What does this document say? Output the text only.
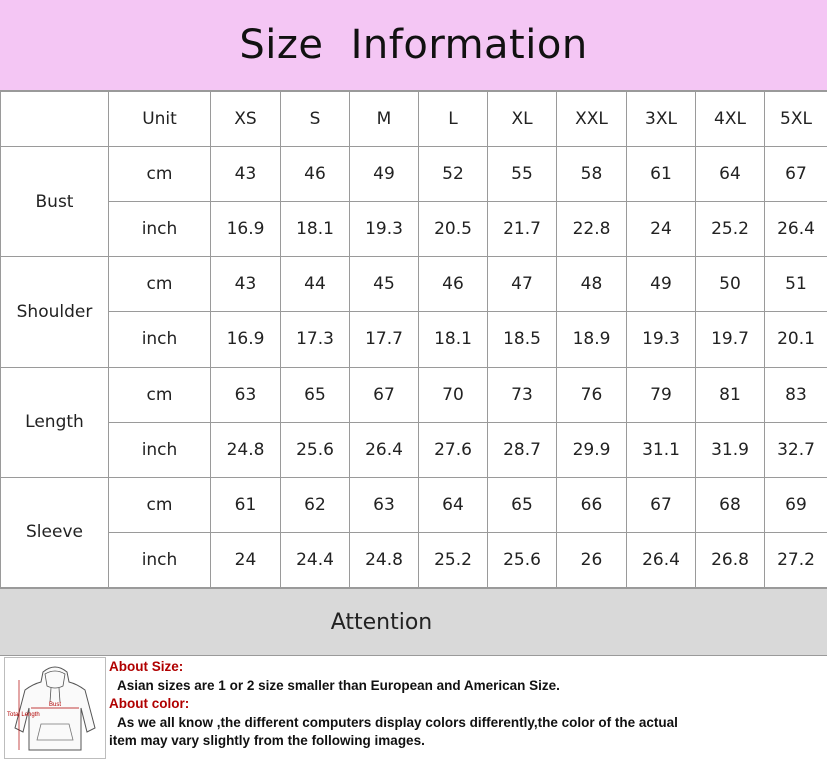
Size Information
	Unit	XS	S	M	L	XL	XXL	3XL	4XL	5XL
Bust	cm	43	46	49	52	55	58	61	64	67
	inch	16.9	18.1	19.3	20.5	21.7	22.8	24	25.2	26.4
Shoulder	cm	43	44	45	46	47	48	49	50	51
	inch	16.9	17.3	17.7	18.1	18.5	18.9	19.3	19.7	20.1
Length	cm	63	65	67	70	73	76	79	81	83
	inch	24.8	25.6	26.4	27.6	28.7	29.9	31.1	31.9	32.7
Sleeve	cm	61	62	63	64	65	66	67	68	69
	inch	24	24.4	24.8	25.2	25.6	26	26.4	26.8	27.2
Attention
Bust
Total Length
About Size:
Asian sizes are 1 or 2 size smaller than European and American Size.
About color:
As we all know ,the different computers display colors differently,the color of the actual
item may vary slightly from the following images.
